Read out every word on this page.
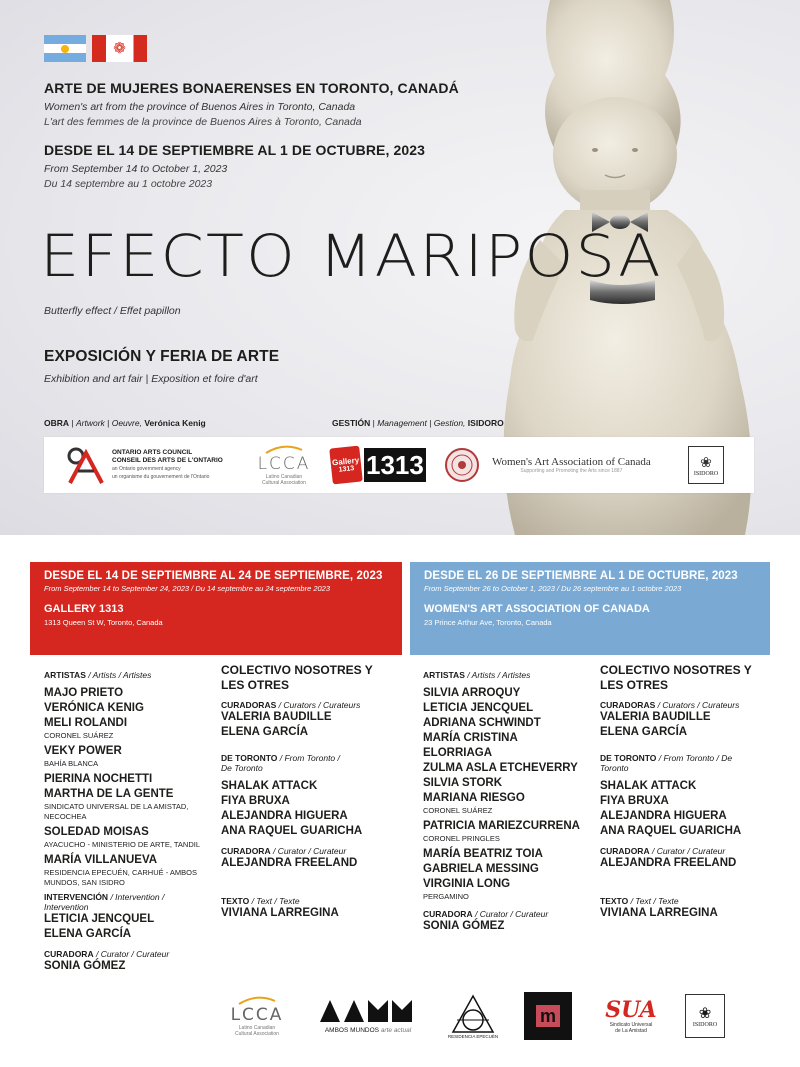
❁
ARTE DE MUJERES BONAERENSES EN TORONTO, CANADÁ
Women's art from the province of Buenos Aires in Toronto, Canada
L'art des femmes de la province de Buenos Aires à Toronto, Canada
DESDE EL 14 DE SEPTIEMBRE AL 1 DE OCTUBRE, 2023
From September 14 to October 1, 2023
Du 14 septembre au 1 octobre 2023
EFECTO MARIPOSA
Butterfly effect / Effet papillon
EXPOSICIÓN Y FERIA DE ARTE
Exhibition and art fair | Exposition et foire d'art
OBRA | Artwork | Oeuvre, Verónica Kenig	GESTIÓN | Management | Gestion, ISIDORO
ONTARIO ARTS COUNCIL
CONSEIL DES ARTS DE L'ONTARIO
an Ontario government agency
un organisme du gouvernement de l'Ontario
LCCA
Latino Canadian
Cultural Association
Gallery
1313 1313	Women's Art Association of Canada
Supporting and Promoting the Arts since 1887
❀
ISIDORO
DESDE EL 14 DE SEPTIEMBRE AL 24 DE SEPTIEMBRE, 2023
From September 14 to September 24, 2023 / Du 14 septembre au 24 septembre 2023
GALLERY 1313
1313 Queen St W, Toronto, Canada
DESDE EL 26 DE SEPTIEMBRE AL 1 DE OCTUBRE, 2023
From September 26 to October 1, 2023 / Du 26 septembre au 1 octobre 2023
WOMEN'S ART ASSOCIATION OF CANADA
23 Prince Arthur Ave, Toronto, Canada
ARTISTAS / Artists / Artistes
MAJO PRIETO
VERÓNICA KENIG
MELI ROLANDI
CORONEL SUÁREZ
VEKY POWER
BAHÍA BLANCA
PIERINA NOCHETTI
MARTHA DE LA GENTE
SINDICATO UNIVERSAL DE LA AMISTAD, NECOCHEA
SOLEDAD MOISAS
AYACUCHO - MINISTERIO DE ARTE, TANDIL
MARÍA VILLANUEVA
RESIDENCIA EPECUÉN, CARHUÉ - AMBOS MUNDOS, SAN ISIDRO
INTERVENCIÓN / Intervention / Intervention
LETICIA JENCQUEL
ELENA GARCÍA
CURADORA / Curator / Curateur
SONIA GÓMEZ
COLECTIVO NOSOTRES Y LES OTRES
CURADORAS / Curators / Curateurs
VALERIA BAUDILLE
ELENA GARCÍA
DE TORONTO / From Toronto / De Toronto
SHALAK ATTACK
FIYA BRUXA
ALEJANDRA HIGUERA
ANA RAQUEL GUARICHA
CURADORA / Curator / Curateur
ALEJANDRA FREELAND
TEXTO / Text / Texte
VIVIANA LARREGINA
ARTISTAS / Artists / Artistes
SILVIA ARROQUY
LETICIA JENCQUEL
ADRIANA SCHWINDT
MARÍA CRISTINA ELORRIAGA
ZULMA ASLA ETCHEVERRY
SILVIA STORK
MARIANA RIESGO
CORONEL SUÁREZ
PATRICIA MARIEZCURRENA
CORONEL PRINGLES
MARÍA BEATRIZ TOIA
GABRIELA MESSING
VIRGINIA LONG
PERGAMINO
CURADORA / Curator / Curateur
SONIA GÓMEZ
COLECTIVO NOSOTRES Y LES OTRES
CURADORAS / Curators / Curateurs
VALERIA BAUDILLE
ELENA GARCÍA
DE TORONTO / From Toronto / De Toronto
SHALAK ATTACK
FIYA BRUXA
ALEJANDRA HIGUERA
ANA RAQUEL GUARICHA
CURADORA / Curator / Curateur
ALEJANDRA FREELAND
TEXTO / Text / Texte
VIVIANA LARREGINA
LCCA
Latino Canadian
Cultural Association	AMBOS MUNDOS arte actual
RESIDENCIA EPECUÉN
m SUA
Sindicato Universal
de La Amistad
❀
ISIDORO
